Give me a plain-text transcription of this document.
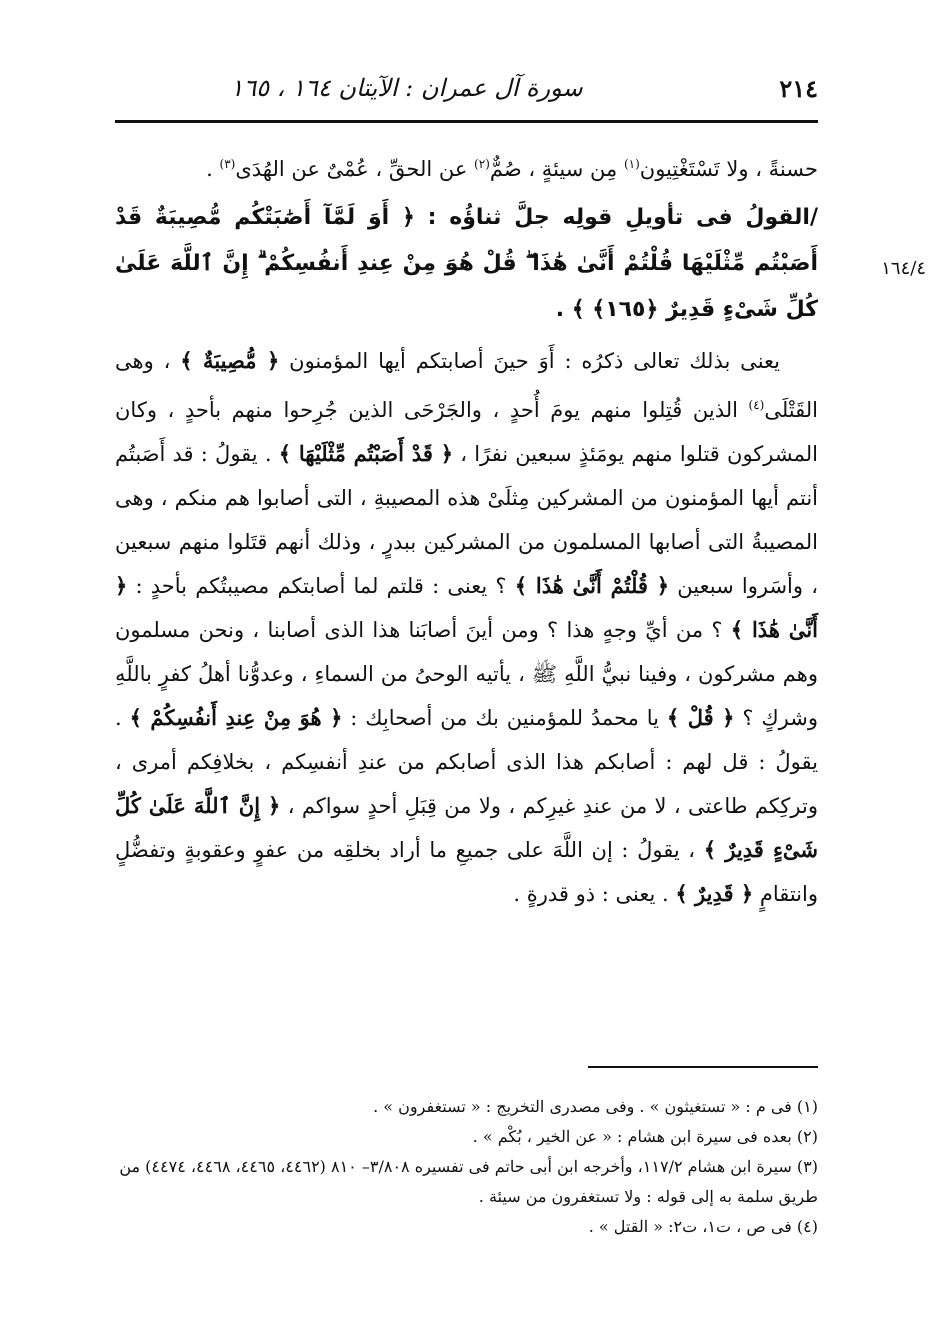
٢١٤
سورة آل عمران : الآيتان ١٦٤ ، ١٦٥
١٦٤/٤

حسنةً ، ولا تَسْتَغْتِيون$^{(١)}$ مِن سيئةٍ ، صُمٌّ$^{(٢)}$ عن الحقِّ ، عُمْىٌ عن الهُدَى$^{(٣)}$ .

/القولُ فى تأويلِ قولِه جلَّ ثناؤُه : ﴿ أَوَ لَمَّآ أَصَٰبَتْكُم مُّصِيبَةٌ قَدْ أَصَبْتُم مِّثْلَيْهَا قُلْتُمْ أَنَّىٰ هَٰذَا ۖ قُلْ هُوَ مِنْ عِندِ أَنفُسِكُمْ ۗ إِنَّ ٱللَّهَ عَلَىٰ كُلِّ شَىْءٍ قَدِيرٌ ﴿١٦٥﴾ ﴾ .

يعنى بذلك تعالى ذكرُه : أَوَ حينَ أصابتكم أيها المؤمنون ﴿ مُّصِيبَةٌ ﴾ ، وهى القَتْلَى$^{(٤)}$ الذين قُتِلوا منهم يومَ أُحدٍ ، والجَرْحَى الذين جُرِحوا منهم بأحدٍ ، وكان المشركون قتلوا منهم يومَئذٍ سبعين نفرًا ، ﴿ قَدْ أَصَبْتُم مِّثْلَيْهَا ﴾ . يقولُ : قد أَصَبتُم أنتم أيها المؤمنون من المشركين مِثلَىْ هذه المصيبةِ ، التى أصابوا هم منكم ، وهى المصيبةُ التى أصابها المسلمون من المشركين ببدرٍ ، وذلك أنهم قتَلوا منهم سبعين ، وأسَروا سبعين ﴿ قُلْتُمْ أَنَّىٰ هَٰذَا ﴾ ؟ يعنى : قلتم لما أصابتكم مصيبتُكم بأحدٍ : ﴿ أَنَّىٰ هَٰذَا ﴾ ؟ من أيِّ وجهٍ هذا ؟ ومن أينَ أصابَنا هذا الذى أصابنا ، ونحن مسلمون وهم مشركون ، وفينا نبيُّ اللَّهِ ﷺ ، يأتيه الوحىُ من السماءِ ، وعدوُّنا أهلُ كفرٍ باللَّهِ وشركٍ ؟ ﴿ قُلْ ﴾ يا محمدُ للمؤمنين بك من أصحابِك : ﴿ هُوَ مِنْ عِندِ أَنفُسِكُمْ ﴾ . يقولُ : قل لهم : أصابكم هذا الذى أصابكم من عندِ أنفسِكم ، بخلافِكم أمرى ، وتركِكم طاعتى ، لا من عندِ غيرِكم ، ولا من قِبَلِ أحدٍ سواكم ، ﴿ إِنَّ ٱللَّهَ عَلَىٰ كُلِّ شَىْءٍ قَدِيرٌ ﴾ ، يقولُ : إن اللَّهَ على جميعِ ما أراد بخلقِه من عفوٍ وعقوبةٍ وتفضُّلٍ وانتقامٍ ﴿ قَدِيرٌ ﴾ . يعنى : ذو قدرةٍ .

(١) فى م : « تستغيثون » . وفى مصدرى التخريج : « تستغفرون » .

(٢) بعده فى سيرة ابن هشام : « عن الخير ، بُكْم » .

(٣) سيرة ابن هشام ١١٧/٢، وأخرجه ابن أبى حاتم فى تفسيره ٣/٨٠٨– ٨١٠ (٤٤٦٢، ٤٤٦٥، ٤٤٦٨، ٤٤٧٤) من طريق سلمة به إلى قوله : ولا تستغفرون من سيئة .

(٤) فى ص ، ت١، ت٢: « القتل » .
